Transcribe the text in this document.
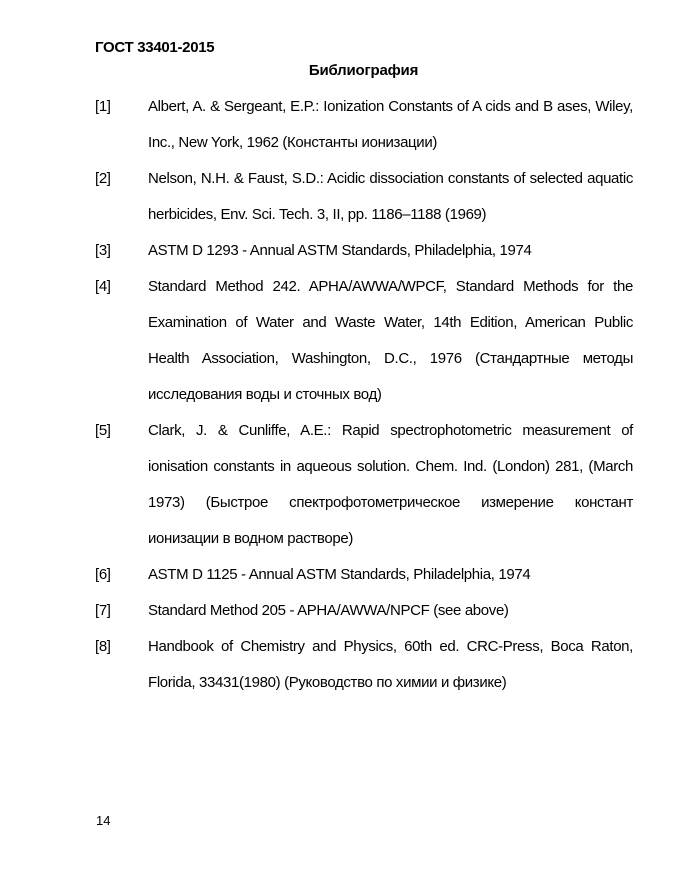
ГОСТ 33401-2015
Библиография
[1] Albert, A. & Sergeant, E.P.: Ionization Constants of A cids and B ases, Wiley, Inc., New York, 1962 (Константы ионизации)
[2] Nelson, N.H. & Faust, S.D.: Acidic dissociation constants of selected aquatic herbicides, Env. Sci. Tech. 3, II, pp. 1186–1188 (1969)
[3] ASTM D 1293 - Annual ASTM Standards, Philadelphia, 1974
[4] Standard Method 242. APHA/AWWA/WPCF, Standard Methods for the Examination of Water and Waste Water, 14th Edition, American Public Health Association, Washington, D.C., 1976 (Стандартные методы исследования воды и сточных вод)
[5] Clark, J. & Cunliffe, A.E.: Rapid spectrophotometric measurement of ionisation constants in aqueous solution. Chem. Ind. (London) 281, (March 1973) (Быстрое спектрофотометрическое измерение констант ионизации в водном растворе)
[6] ASTM D 1125 - Annual ASTM Standards, Philadelphia, 1974
[7] Standard Method 205 - APHA/AWWA/NPCF (see above)
[8] Handbook of Chemistry and Physics, 60th ed. CRC-Press, Boca Raton, Florida, 33431(1980) (Руководство по химии и физике)
14
